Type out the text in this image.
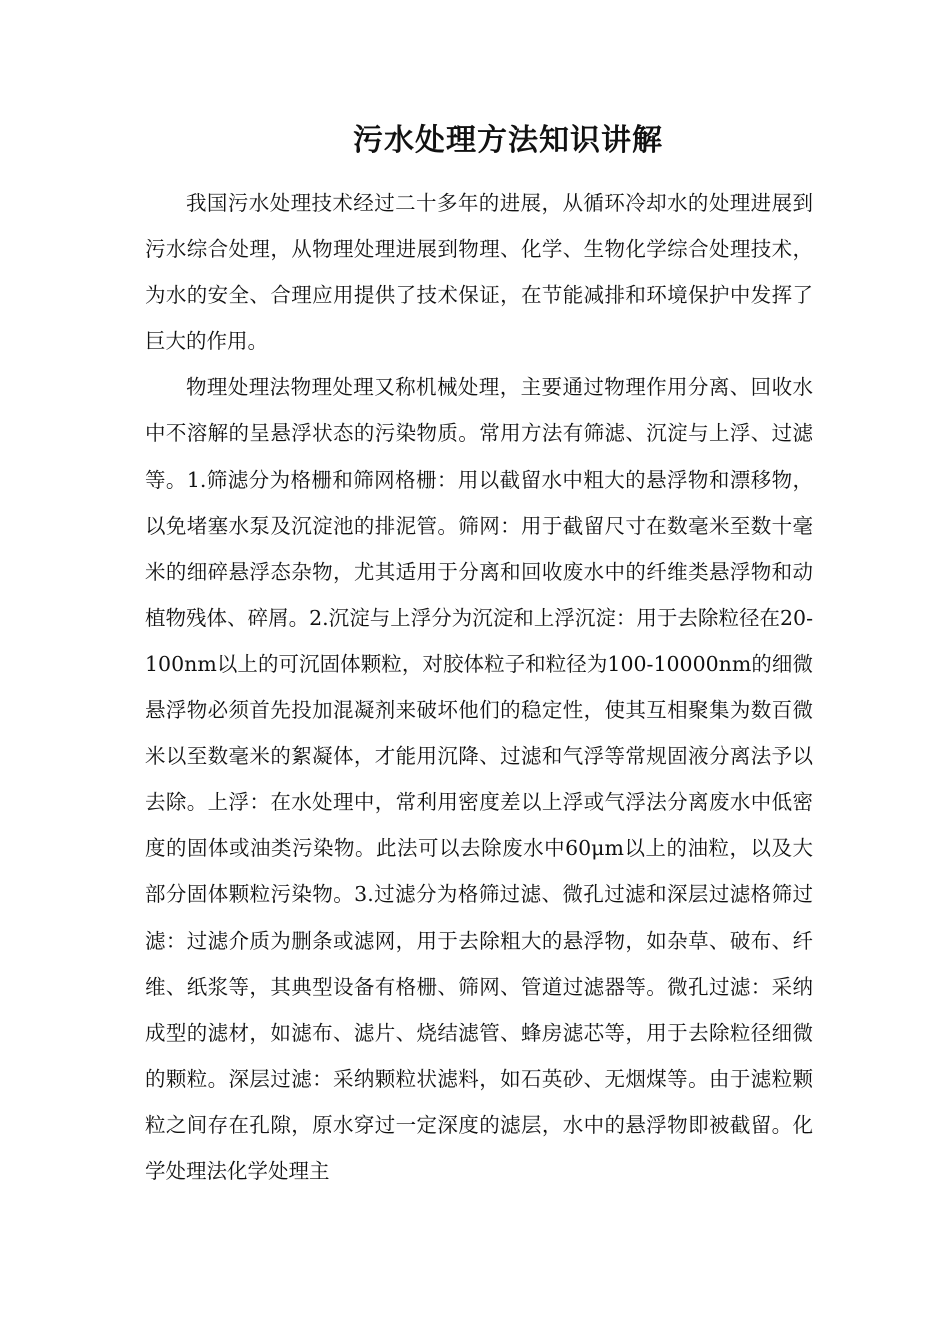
污水处理方法知识讲解

我国污水处理技术经过二十多年的进展，从循环冷却水的处理进展到污水综合处理，从物理处理进展到物理、化学、生物化学综合处理技术，为水的安全、合理应用提供了技术保证，在节能减排和环境保护中发挥了巨大的作用。

物理处理法物理处理又称机械处理，主要通过物理作用分离、回收水中不溶解的呈悬浮状态的污染物质。常用方法有筛滤、沉淀与上浮、过滤等。1.筛滤分为格栅和筛网格栅：用以截留水中粗大的悬浮物和漂移物，以免堵塞水泵及沉淀池的排泥管。筛网：用于截留尺寸在数毫米至数十毫米的细碎悬浮态杂物，尤其适用于分离和回收废水中的纤维类悬浮物和动植物残体、碎屑。2.沉淀与上浮分为沉淀和上浮沉淀：用于去除粒径在20-100nm以上的可沉固体颗粒，对胶体粒子和粒径为100-10000nm的细微悬浮物必须首先投加混凝剂来破坏他们的稳定性，使其互相聚集为数百微米以至数毫米的絮凝体，才能用沉降、过滤和气浮等常规固液分离法予以去除。上浮：在水处理中，常利用密度差以上浮或气浮法分离废水中低密度的固体或油类污染物。此法可以去除废水中60μm以上的油粒，以及大部分固体颗粒污染物。3.过滤分为格筛过滤、微孔过滤和深层过滤格筛过滤：过滤介质为删条或滤网，用于去除粗大的悬浮物，如杂草、破布、纤维、纸浆等，其典型设备有格栅、筛网、管道过滤器等。微孔过滤：采纳成型的滤材，如滤布、滤片、烧结滤管、蜂房滤芯等，用于去除粒径细微的颗粒。深层过滤：采纳颗粒状滤料，如石英砂、无烟煤等。由于滤粒颗粒之间存在孔隙，原水穿过一定深度的滤层，水中的悬浮物即被截留。化学处理法化学处理主
